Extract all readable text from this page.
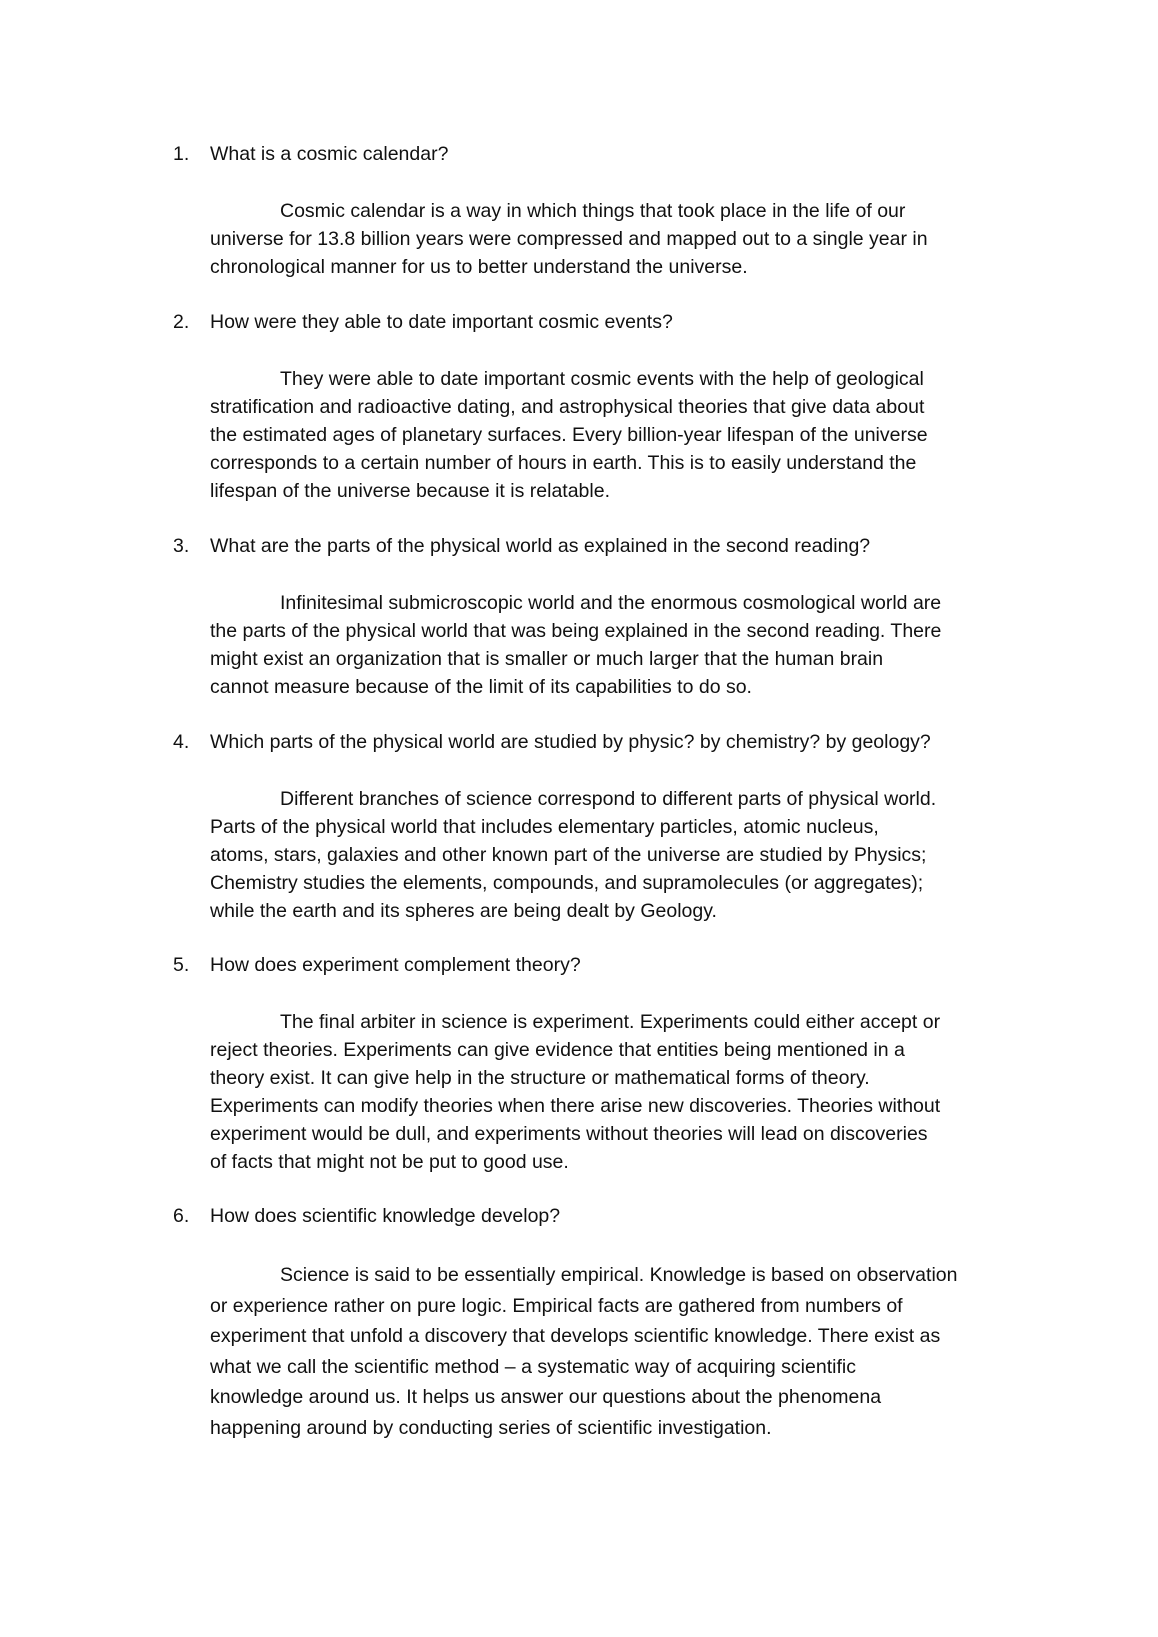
1. What is a cosmic calendar?
Cosmic calendar is a way in which things that took place in the life of our
universe for 13.8 billion years were compressed and mapped out to a single year in
chronological manner for us to better understand the universe.
2. How were they able to date important cosmic events?
They were able to date important cosmic events with the help of geological
stratification and radioactive dating, and astrophysical theories that give data about
the estimated ages of planetary surfaces. Every billion-year lifespan of the universe
corresponds to a certain number of hours in earth. This is to easily understand the
lifespan of the universe because it is relatable.
3. What are the parts of the physical world as explained in the second reading?
Infinitesimal submicroscopic world and the enormous cosmological world are
the parts of the physical world that was being explained in the second reading. There
might exist an organization that is smaller or much larger that the human brain
cannot measure because of the limit of its capabilities to do so.
4. Which parts of the physical world are studied by physic? by chemistry? by geology?
Different branches of science correspond to different parts of physical world.
Parts of the physical world that includes elementary particles, atomic nucleus,
atoms, stars, galaxies and other known part of the universe are studied by Physics;
Chemistry studies the elements, compounds, and supramolecules (or aggregates);
while the earth and its spheres are being dealt by Geology.
5. How does experiment complement theory?
The final arbiter in science is experiment. Experiments could either accept or
reject theories. Experiments can give evidence that entities being mentioned in a
theory exist. It can give help in the structure or mathematical forms of theory.
Experiments can modify theories when there arise new discoveries. Theories without
experiment would be dull, and experiments without theories will lead on discoveries
of facts that might not be put to good use.
6. How does scientific knowledge develop?
Science is said to be essentially empirical. Knowledge is based on observation
or experience rather on pure logic. Empirical facts are gathered from numbers of
experiment that unfold a discovery that develops scientific knowledge. There exist as
what we call the scientific method – a systematic way of acquiring scientific
knowledge around us. It helps us answer our questions about the phenomena
happening around by conducting series of scientific investigation.
